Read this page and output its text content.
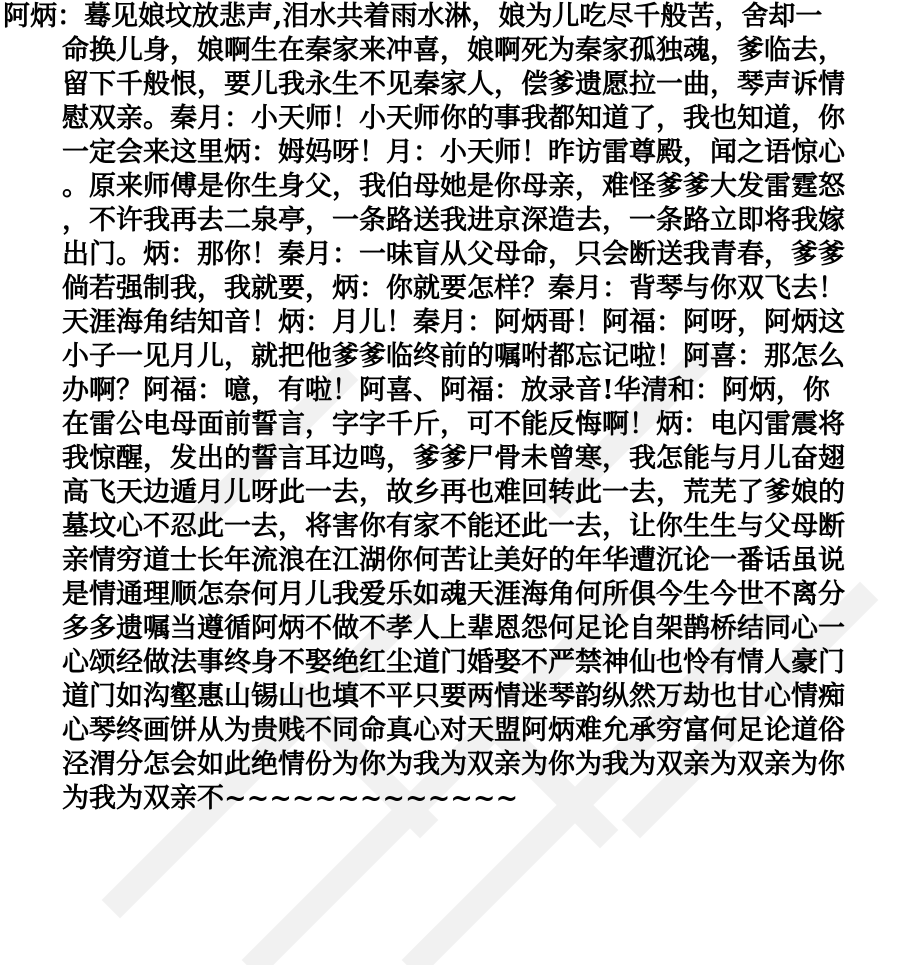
阿炳：蓦见娘坟放悲声,泪水共着雨水淋，娘为儿吃尽千般苦，舍却一
命换儿身，娘啊生在秦家来冲喜，娘啊死为秦家孤独魂，爹临去，
留下千般恨，要儿我永生不见秦家人，偿爹遗愿拉一曲，琴声诉情
慰双亲。秦月：小天师！小天师你的事我都知道了，我也知道，你
一定会来这里炳：姆妈呀！月：小天师！昨访雷尊殿，闻之语惊心
。原来师傅是你生身父，我伯母她是你母亲，难怪爹爹大发雷霆怒
，不许我再去二泉亭，一条路送我进京深造去，一条路立即将我嫁
出门。炳：那你！秦月：一味盲从父母命，只会断送我青春，爹爹
倘若强制我，我就要，炳：你就要怎样？秦月：背琴与你双飞去！
天涯海角结知音！炳：月儿！秦月：阿炳哥！阿福：阿呀，阿炳这
小子一见月儿，就把他爹爹临终前的嘱咐都忘记啦！阿喜：那怎么
办啊？阿福：噫，有啦！阿喜、阿福：放录音!华清和：阿炳，你
在雷公电母面前誓言，字字千斤，可不能反悔啊！炳：电闪雷震将
我惊醒，发出的誓言耳边鸣，爹爹尸骨未曾寒，我怎能与月儿奋翅
高飞天边遁月儿呀此一去，故乡再也难回转此一去，荒芜了爹娘的
墓坟心不忍此一去，将害你有家不能还此一去，让你生生与父母断
亲情穷道士长年流浪在江湖你何苦让美好的年华遭沉论一番话虽说
是情通理顺怎奈何月儿我爱乐如魂天涯海角何所俱今生今世不离分
多多遗嘱当遵循阿炳不做不孝人上辈恩怨何足论自架鹊桥结同心一
心颂经做法事终身不娶绝红尘道门婚娶不严禁神仙也怜有情人豪门
道门如沟壑惠山锡山也填不平只要两情迷琴韵纵然万劫也甘心情痴
心琴终画饼从为贵贱不同命真心对天盟阿炳难允承穷富何足论道俗
泾渭分怎会如此绝情份为你为我为双亲为你为我为双亲为双亲为你
为我为双亲不~~~~~~~~~~~~~
